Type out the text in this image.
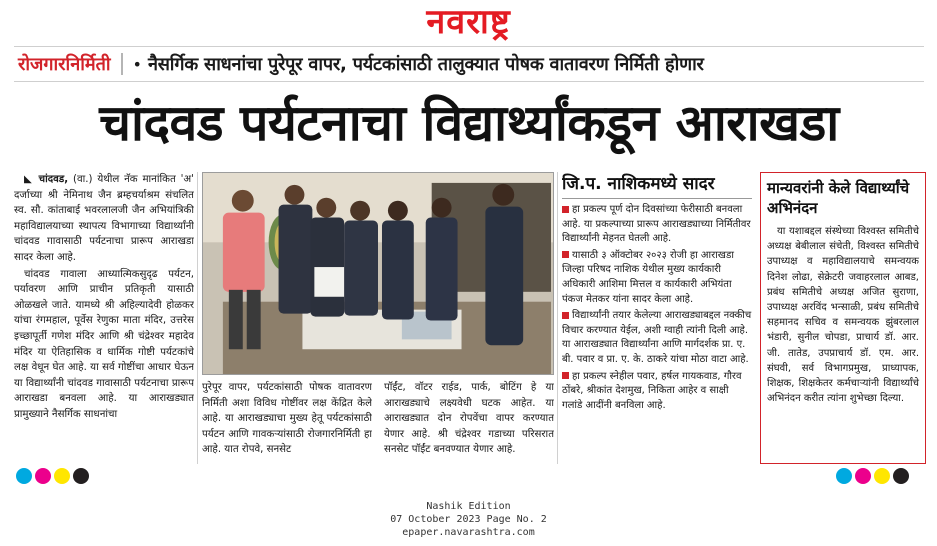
नवराष्ट्र
रोजगारनिर्मिती	• नैसर्गिक साधनांचा पुरेपूर वापर, पर्यटकांसाठी तालुक्यात पोषक वातावरण निर्मिती होणार
चांदवड पर्यटनाचा विद्यार्थ्यांकडून आराखडा

◣ चांदवड, (वा.) येथील नॅक मानांकित 'अ' दर्जाच्या श्री नेमिनाथ जैन ब्रम्हचर्याश्रम संचलित स्व. सौ. कांताबाई भवरलालजी जैन अभियांत्रिकी महाविद्यालयाच्या स्थापत्य विभागाच्या विद्यार्थ्यांनी चांदवड गावासाठी पर्यटनाचा प्रारूप आराखडा सादर केला आहे.

चांदवड गावाला आध्यात्मिकसुदृढ पर्यटन, पर्यावरण आणि प्राचीन प्रतिकृती यासाठी ओळखले जाते. यामध्ये श्री अहिल्यादेवी होळकर यांचा रंगमहाल, पूर्वेस रेणुका माता मंदिर, उत्तरेस इच्छापूर्ती गणेश मंदिर आणि श्री चंद्रेश्वर महादेव मंदिर या ऐतिहासिक व धार्मिक गोष्टी पर्यटकांचे लक्ष वेधून घेत आहे. या सर्व गोष्टींचा आधार घेऊन या विद्यार्थ्यांनी चांदवड गावासाठी पर्यटनाचा प्रारूप आराखडा बनवला आहे. या आराखड्यात प्रामुख्याने नैसर्गिक साधनांचा

पुरेपूर वापर, पर्यटकांसाठी पोषक वातावरण निर्मिती अशा विविध गोष्टींवर लक्ष केंद्रित केले आहे. या आराखड्याचा मुख्य हेतू पर्यटकांसाठी पर्यटन आणि गावकऱ्यांसाठी रोजगारनिर्मिती हा आहे. यात रोपवे, सनसेट
पॉईंट, वॉटर राईड, पार्क, बोटिंग हे या आराखड्याचे लक्ष्यवेधी घटक आहेत. या आराखड्यात दोन रोपवेंचा वापर करण्यात येणार आहे. श्री चंद्रेश्वर गडाच्या परिसरात सनसेट पॉईंट बनवण्यात येणार आहे.
जि.प. नाशिकमध्ये सादर
हा प्रकल्प पूर्ण दोन दिवसांच्या फेरीसाठी बनवला आहे. या प्रकल्पाच्या प्रारूप आराखड्याच्या निर्मितीवर विद्यार्थ्यांनी मेहनत घेतली आहे.
यासाठी ३ ऑक्टोबर २०२३ रोजी हा आराखडा जिल्हा परिषद नाशिक येथील मुख्य कार्यकारी अधिकारी आशिमा मित्तल व कार्यकारी अभियंता पंकज मेतकर यांना सादर केला आहे.
विद्यार्थ्यांनी तयार केलेल्या आराखड्याबद्दल नक्कीच विचार करण्यात येईल, अशी ग्वाही त्यांनी दिली आहे. या आराखड्यात विद्यार्थ्यांना आणि मार्गदर्शक प्रा. ए. बी. पवार व प्रा. ए. के. ठाकरे यांचा मोठा वाटा आहे.
हा प्रकल्प स्नेहील पवार, हर्षल गायकवाड, गौरव ठोंबरे, श्रीकांत देशमुख, निकिता आहेर व साक्षी गलांडे आदींनी बनविला आहे.
मान्यवरांनी केले विद्यार्थ्यांचे अभिनंदन
या यशाबद्दल संस्थेच्या विश्वस्त समितीचे अध्यक्ष बेबीलाल संचेती, विश्वस्त समितीचे उपाध्यक्ष व महाविद्यालयाचे समन्वयक दिनेश लोढा, सेक्रेटरी जवाहरलाल आबड, प्रबंध समितीचे अध्यक्ष अजित सुराणा, उपाध्यक्ष अरविंद भन्साळी, प्रबंध समितीचे सहमानद सचिव व समन्वयक झुंबरलाल भंडारी, सुनील चोपडा, प्राचार्य डॉ. आर. जी. तातेड, उपप्राचार्य डॉ. एम. आर. संघवी, सर्व विभागप्रमुख, प्राध्यापक, शिक्षक, शिक्षकेतर कर्मचाऱ्यांनी विद्यार्थ्यांचे अभिनंदन करीत त्यांना शुभेच्छा दिल्या.
Nashik Edition
07 October 2023 Page No. 2
epaper.navarashtra.com
